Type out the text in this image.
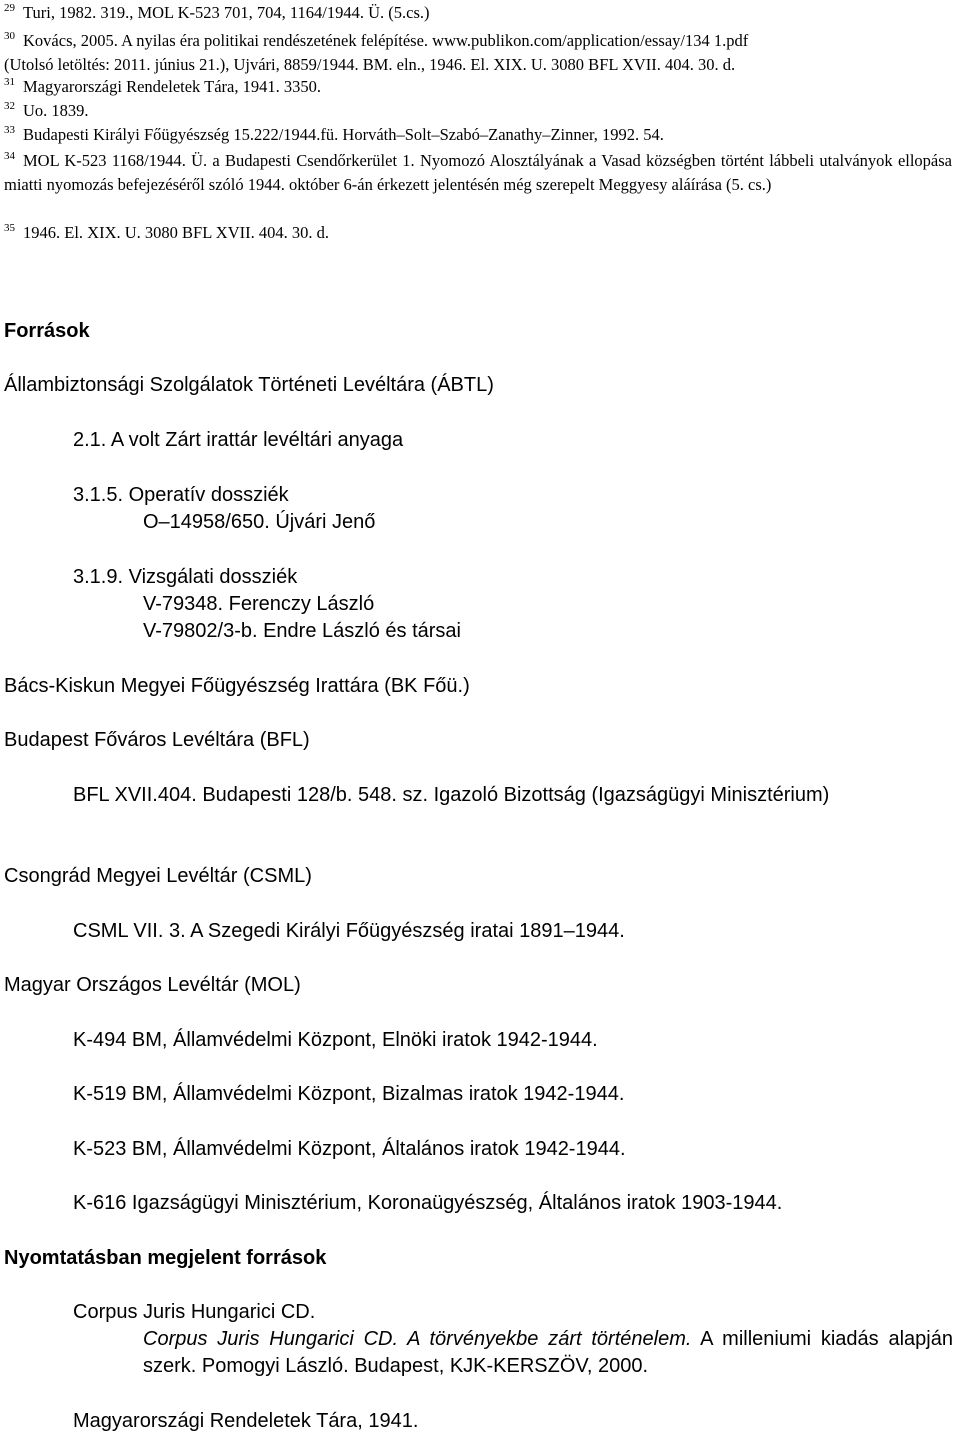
$^{29}$ Turi, 1982. 319., MOL K-523 701, 704, 1164/1944. Ü. (5.cs.)
$^{30}$ Kovács, 2005. A nyilas éra politikai rendészetének felépítése. www.publikon.com/application/essay/134 1.pdf
(Utolsó letöltés: 2011. június 21.), Ujvári, 8859/1944. BM. eln., 1946. El. XIX. U. 3080 BFL XVII. 404. 30. d.
$^{31}$ Magyarországi Rendeletek Tára, 1941. 3350.
$^{32}$ Uo. 1839.
$^{33}$ Budapesti Királyi Főügyészség 15.222/1944.fü. Horváth–Solt–Szabó–Zanathy–Zinner, 1992. 54.
$^{34}$ MOL K-523 1168/1944. Ü. a Budapesti Csendőrkerület 1. Nyomozó Alosztályának a Vasad községben történt lábbeli utalványok ellopása miatti nyomozás befejezéséről szóló 1944. október 6-án érkezett jelentésén még szerepelt Meggyesy aláírása (5. cs.)
$^{35}$ 1946. El. XIX. U. 3080 BFL XVII. 404. 30. d.
Források
Állambiztonsági Szolgálatok Történeti Levéltára (ÁBTL)
2.1. A volt Zárt irattár levéltári anyaga
3.1.5. Operatív dossziék
O–14958/650. Újvári Jenő
3.1.9. Vizsgálati dossziék
V-79348. Ferenczy László
V-79802/3-b. Endre László és társai
Bács-Kiskun Megyei Főügyészség Irattára (BK Főü.)
Budapest Főváros Levéltára (BFL)
BFL XVII.404. Budapesti 128/b. 548. sz. Igazoló Bizottság (Igazságügyi Minisztérium)
Csongrád Megyei Levéltár (CSML)
CSML VII. 3. A Szegedi Királyi Főügyészség iratai 1891–1944.
Magyar Országos Levéltár (MOL)
K-494 BM, Államvédelmi Központ, Elnöki iratok 1942-1944.
K-519 BM, Államvédelmi Központ, Bizalmas iratok 1942-1944.
K-523 BM, Államvédelmi Központ, Általános iratok 1942-1944.
K-616 Igazságügyi Minisztérium, Koronaügyészség, Általános iratok 1903-1944.
Nyomtatásban megjelent források
Corpus Juris Hungarici CD.
Corpus Juris Hungarici CD. A törvényekbe zárt történelem. A milleniumi kiadás alapján szerk. Pomogyi László. Budapest, KJK-KERSZÖV, 2000.
Magyarországi Rendeletek Tára, 1941.
